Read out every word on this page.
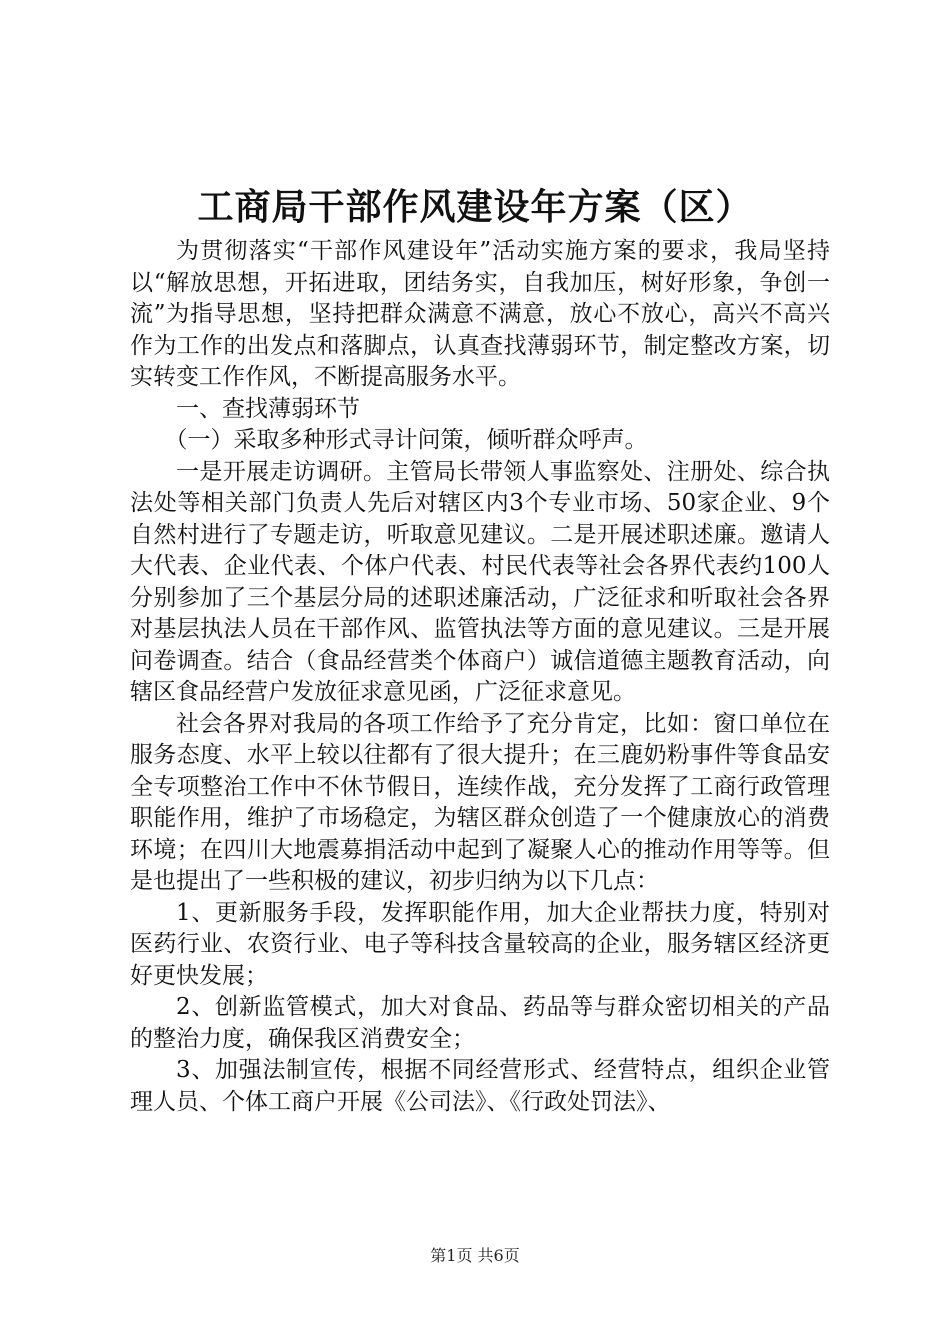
工商局干部作风建设年方案（区）

为贯彻落实“干部作风建设年”活动实施方案的要求，我局坚持以“解放思想，开拓进取，团结务实，自我加压，树好形象，争创一流”为指导思想，坚持把群众满意不满意，放心不放心，高兴不高兴作为工作的出发点和落脚点，认真查找薄弱环节，制定整改方案，切实转变工作作风，不断提高服务水平。

一、查找薄弱环节

（一）采取多种形式寻计问策，倾听群众呼声。

一是开展走访调研。主管局长带领人事监察处、注册处、综合执法处等相关部门负责人先后对辖区内3个专业市场、50家企业、9个自然村进行了专题走访，听取意见建议。二是开展述职述廉。邀请人大代表、企业代表、个体户代表、村民代表等社会各界代表约100人分别参加了三个基层分局的述职述廉活动，广泛征求和听取社会各界对基层执法人员在干部作风、监管执法等方面的意见建议。三是开展问卷调查。结合（食品经营类个体商户）诚信道德主题教育活动，向辖区食品经营户发放征求意见函，广泛征求意见。

社会各界对我局的各项工作给予了充分肯定，比如：窗口单位在服务态度、水平上较以往都有了很大提升；在三鹿奶粉事件等食品安全专项整治工作中不休节假日，连续作战，充分发挥了工商行政管理职能作用，维护了市场稳定，为辖区群众创造了一个健康放心的消费环境；在四川大地震募捐活动中起到了凝聚人心的推动作用等等。但是也提出了一些积极的建议，初步归纳为以下几点：

1、更新服务手段，发挥职能作用，加大企业帮扶力度，特别对医药行业、农资行业、电子等科技含量较高的企业，服务辖区经济更好更快发展；

2、创新监管模式，加大对食品、药品等与群众密切相关的产品的整治力度，确保我区消费安全；

3、加强法制宣传，根据不同经营形式、经营特点，组织企业管理人员、个体工商户开展《公司法》、《行政处罚法》、

第1页 共6页
